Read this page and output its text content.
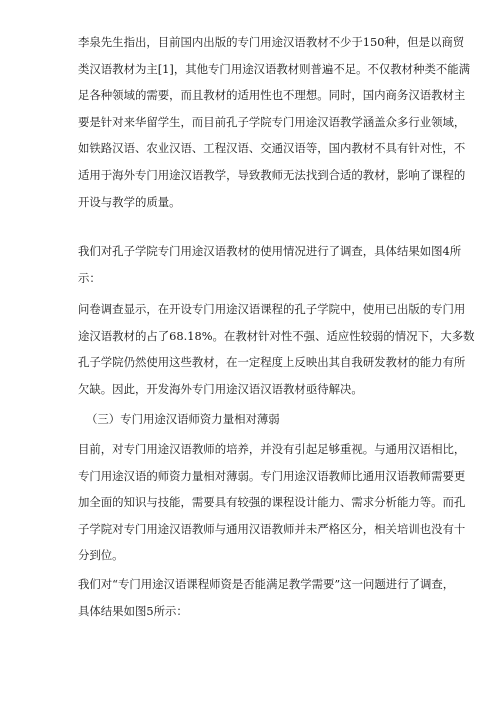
李泉先生指出，目前国内出版的专门用途汉语教材不少于150种，但是以商贸
类汉语教材为主[1]，其他专门用途汉语教材则普遍不足。不仅教材种类不能满
足各种领域的需要，而且教材的适用性也不理想。同时，国内商务汉语教材主
要是针对来华留学生，而目前孔子学院专门用途汉语教学涵盖众多行业领域，
如铁路汉语、农业汉语、工程汉语、交通汉语等，国内教材不具有针对性，不
适用于海外专门用途汉语教学，导致教师无法找到合适的教材，影响了课程的
开设与教学的质量。
我们对孔子学院专门用途汉语教材的使用情况进行了调查，具体结果如图4所
示：
问卷调查显示，在开设专门用途汉语课程的孔子学院中，使用已出版的专门用
途汉语教材的占了68.18%。在教材针对性不强、适应性较弱的情况下，大多数
孔子学院仍然使用这些教材，在一定程度上反映出其自我研发教材的能力有所
欠缺。因此，开发海外专门用途汉语汉语教材亟待解决。

（三）专门用途汉语师资力量相对薄弱

目前，对专门用途汉语教师的培养，并没有引起足够重视。与通用汉语相比，
专门用途汉语的师资力量相对薄弱。专门用途汉语教师比通用汉语教师需要更
加全面的知识与技能，需要具有较强的课程设计能力、需求分析能力等。而孔
子学院对专门用途汉语教师与通用汉语教师并未严格区分，相关培训也没有十
分到位。
我们对“专门用途汉语课程师资是否能满足教学需要”这一问题进行了调查，
具体结果如图5所示：
